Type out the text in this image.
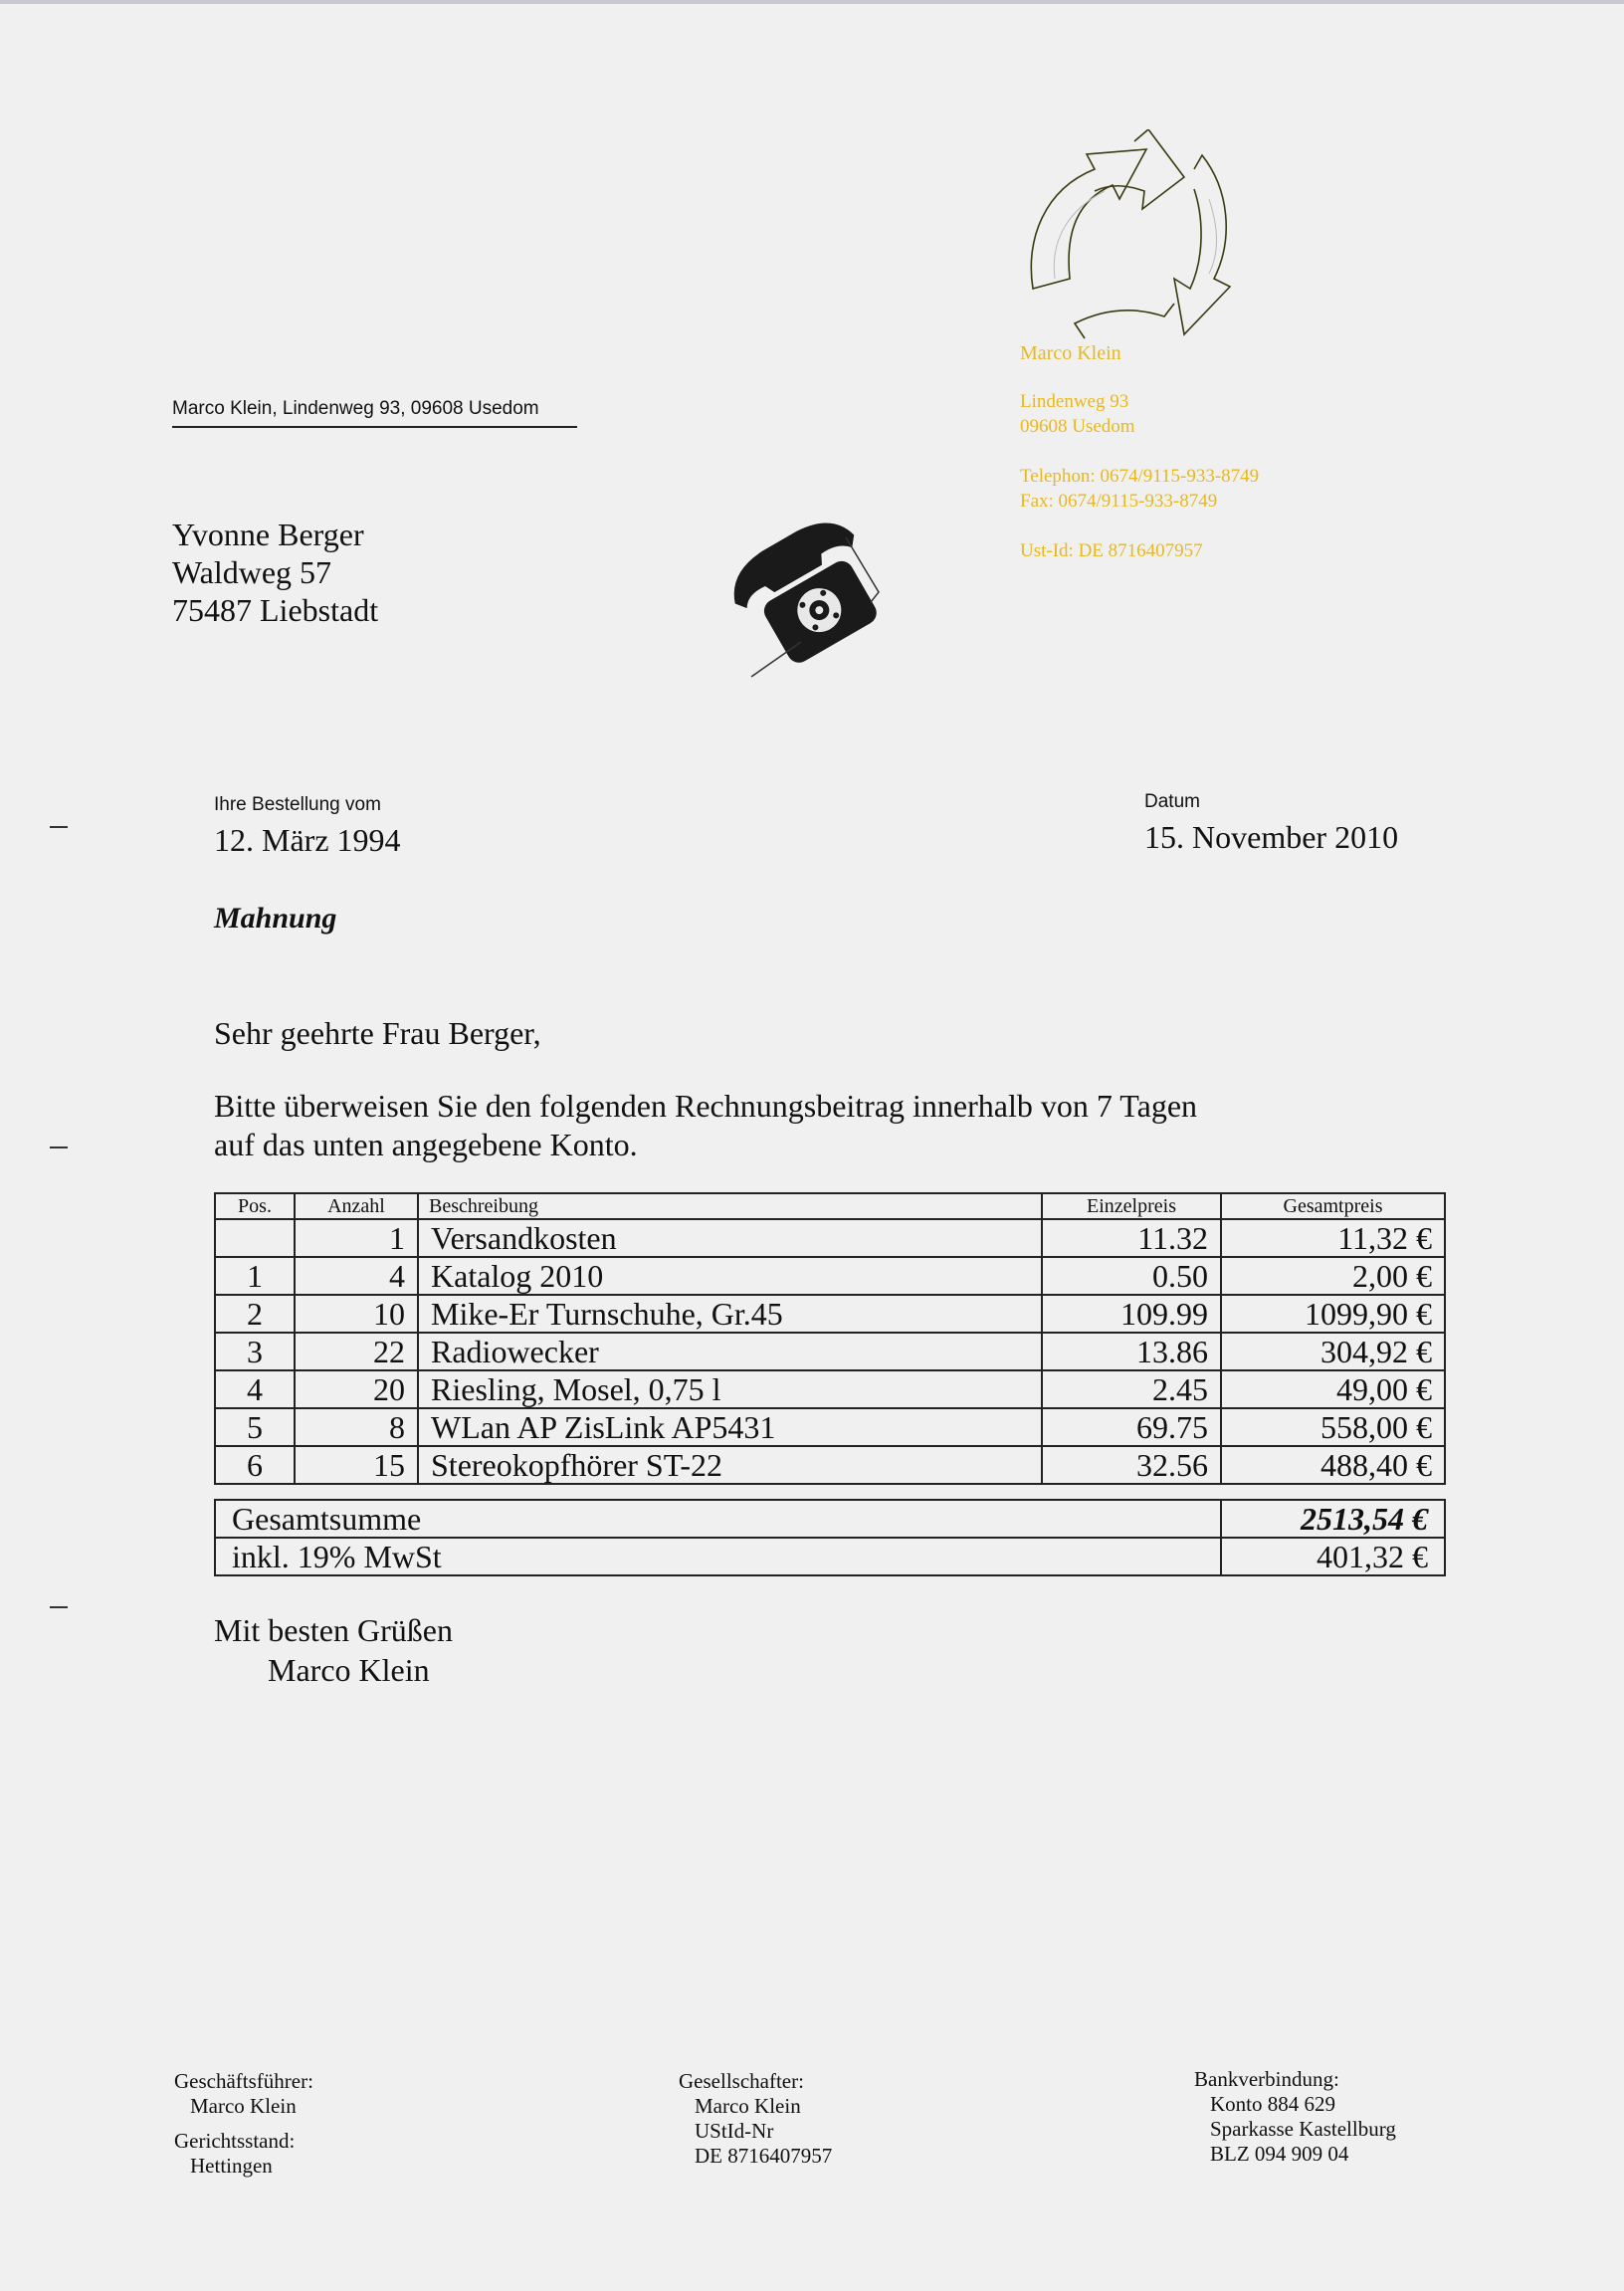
Marco Klein
Lindenweg 93
09608 Usedom
Telephon: 0674/9115-933-8749
Fax: 0674/9115-933-8749
Ust-Id: DE 8716407957
Marco Klein, Lindenweg 93, 09608 Usedom
Yvonne Berger
Waldweg 57
75487 Liebstadt
Ihre Bestellung vom
12. März 1994
Datum
15. November 2010
Mahnung
Sehr geehrte Frau Berger,
Bitte überweisen Sie den folgenden Rechnungsbeitrag innerhalb von 7 Tagen
auf das unten angegebene Konto.
Pos.	Anzahl	Beschreibung	Einzelpreis	Gesamtpreis
	1	Versandkosten	11.32	11,32 €
1	4	Katalog 2010	0.50	2,00 €
2	10	Mike-Er Turnschuhe, Gr.45	109.99	1099,90 €
3	22	Radiowecker	13.86	304,92 €
4	20	Riesling, Mosel, 0,75 l	2.45	49,00 €
5	8	WLan AP ZisLink AP5431	69.75	558,00 €
6	15	Stereokopfhörer ST-22	32.56	488,40 €
Gesamtsumme	2513,54 €
inkl. 19% MwSt	401,32 €
Mit besten Grüßen
Marco Klein
Geschäftsführer:
Marco Klein
Gerichtsstand:
Hettingen
Gesellschafter:
Marco Klein
UStId-Nr
DE 8716407957
Bankverbindung:
Konto 884 629
Sparkasse Kastellburg
BLZ 094 909 04
